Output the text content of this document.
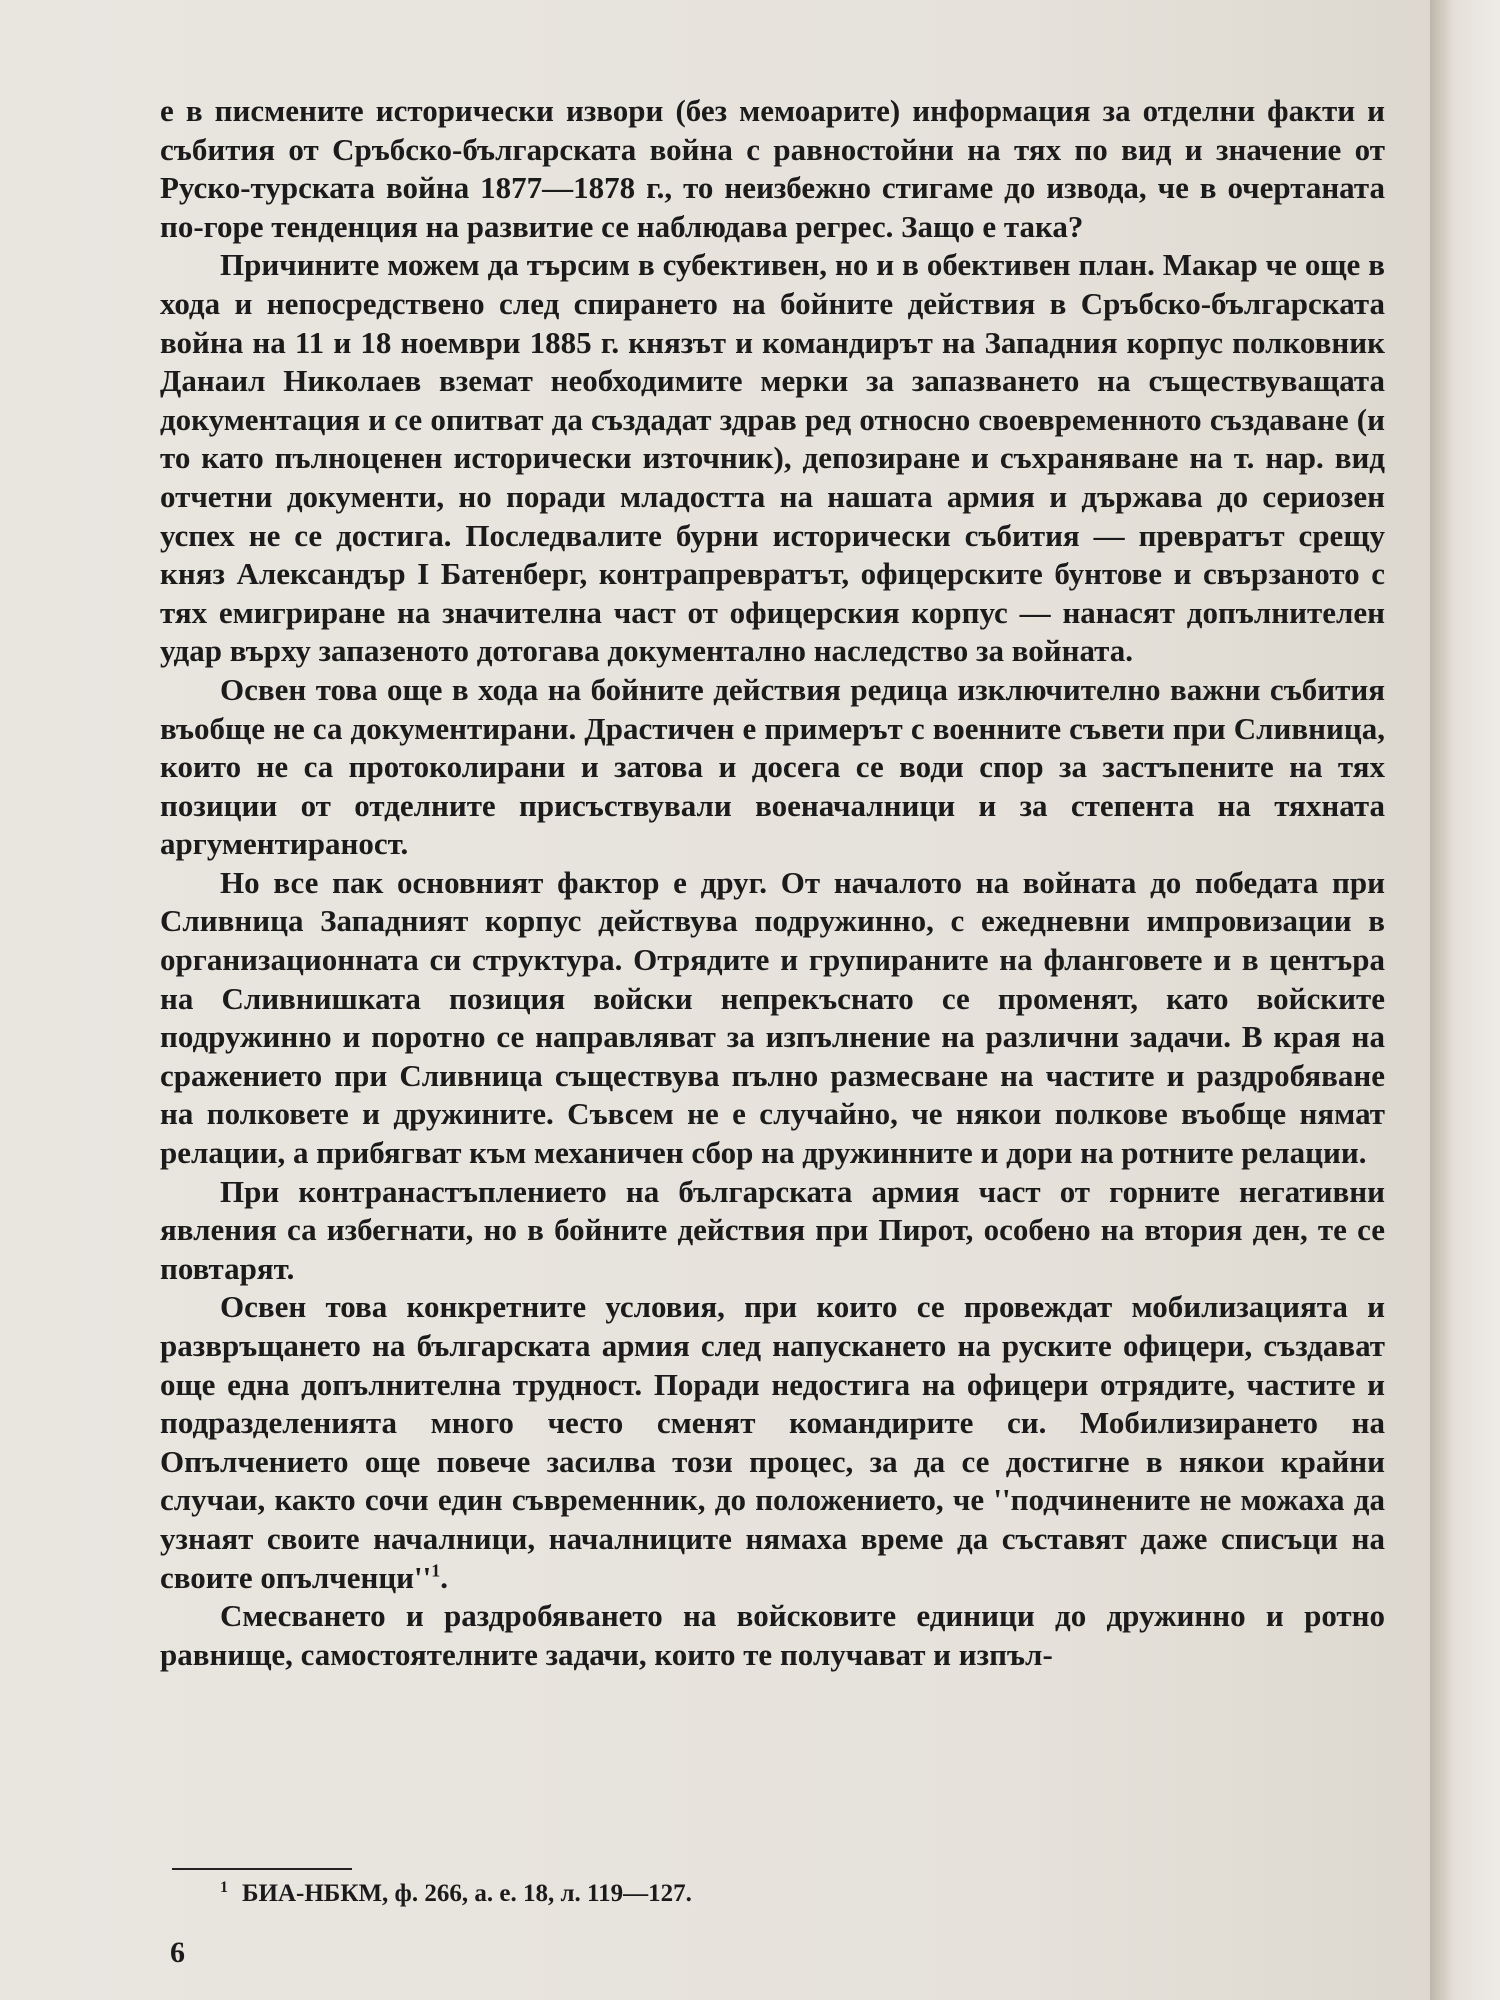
е в писмените исторически извори (без мемоарите) информация за отделни факти и събития от Сръбско-българската война с равностойни на тях по вид и значение от Руско-турската война 1877—1878 г., то неизбежно стигаме до извода, че в очертаната по-горе тенденция на развитие се наблюдава регрес. Защо е така?

Причините можем да търсим в субективен, но и в обективен план. Макар че още в хода и непосредствено след спирането на бойните действия в Сръбско-българската война на 11 и 18 ноември 1885 г. князът и командирът на Западния корпус полковник Данаил Николаев вземат необходимите мерки за запазването на съществуващата документация и се опитват да създадат здрав ред относно своевременното създаване (и то като пълноценен исторически източник), депозиране и съхраняване на т. нар. вид отчетни документи, но поради младостта на нашата армия и държава до сериозен успех не се достига. Последвалите бурни исторически събития — превратът срещу княз Александър I Батенберг, контрапревратът, офицерските бунтове и свързаното с тях емигриране на значителна част от офицерския корпус — нанасят допълнителен удар върху запазеното дотогава документално наследство за войната.

Освен това още в хода на бойните действия редица изключително важни събития въобще не са документирани. Драстичен е примерът с военните съвети при Сливница, които не са протоколирани и затова и досега се води спор за застъпените на тях позиции от отделните присъствували военачалници и за степента на тяхната аргументираност.

Но все пак основният фактор е друг. От началото на войната до победата при Сливница Западният корпус действува подружинно, с ежедневни импровизации в организационната си структура. Отрядите и групираните на фланговете и в центъра на Сливнишката позиция войски непрекъснато се променят, като войските подружинно и поротно се направляват за изпълнение на различни задачи. В края на сражението при Сливница съществува пълно размесване на частите и раздробяване на полковете и дружините. Съвсем не е случайно, че някои полкове въобще нямат релации, а прибягват към механичен сбор на дружинните и дори на ротните релации.

При контранастъплението на българската армия част от горните негативни явления са избегнати, но в бойните действия при Пирот, особено на втория ден, те се повтарят.

Освен това конкретните условия, при които се провеждат мобилизацията и развръщането на българската армия след напускането на руските офицери, създават още една допълнителна трудност. Поради недостига на офицери отрядите, частите и подразделенията много често сменят командирите си. Мобилизирането на Опълчението още повече засилва този процес, за да се достигне в някои крайни случаи, както сочи един съвременник, до положението, че ''подчинените не можаха да узнаят своите началници, началниците нямаха време да съставят даже списъци на своите $опълченци''^1$.

Смесването и раздробяването на войсковите единици до дружинно и ротно равнище, самостоятелните задачи, които те получават и изпъл-

$^1$ БИА-НБКМ, ф. 266, а. е. 18, л. 119—127.
6
